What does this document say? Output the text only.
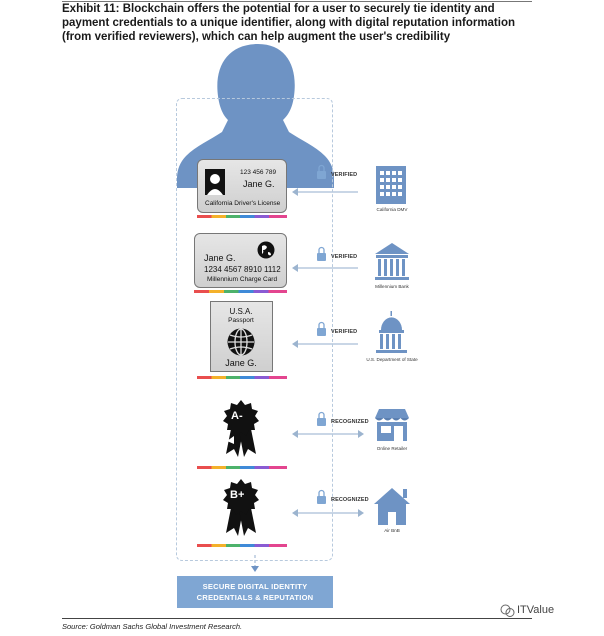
Exhibit 11: Blockchain offers the potential for a user to securely tie identity and payment credentials to a unique identifier, along with digital reputation information (from verified reviewers), which can help augment the user's credibility
123 456 789
Jane G.
California Driver's License
Jane G.
1234 4567 8910 1112
Millennium Charge Card
U.S.A.
Passport
Jane G.
A-
B+
VERIFIED
VERIFIED
VERIFIED
RECOGNIZED
RECOGNIZED
California DMV
Millennium Bank
U.S. Department of State
Online Retailer
Air BnB
SECURE DIGITAL IDENTITY
CREDENTIALS & REPUTATION
Source: Goldman Sachs Global Investment Research.
ITValue
